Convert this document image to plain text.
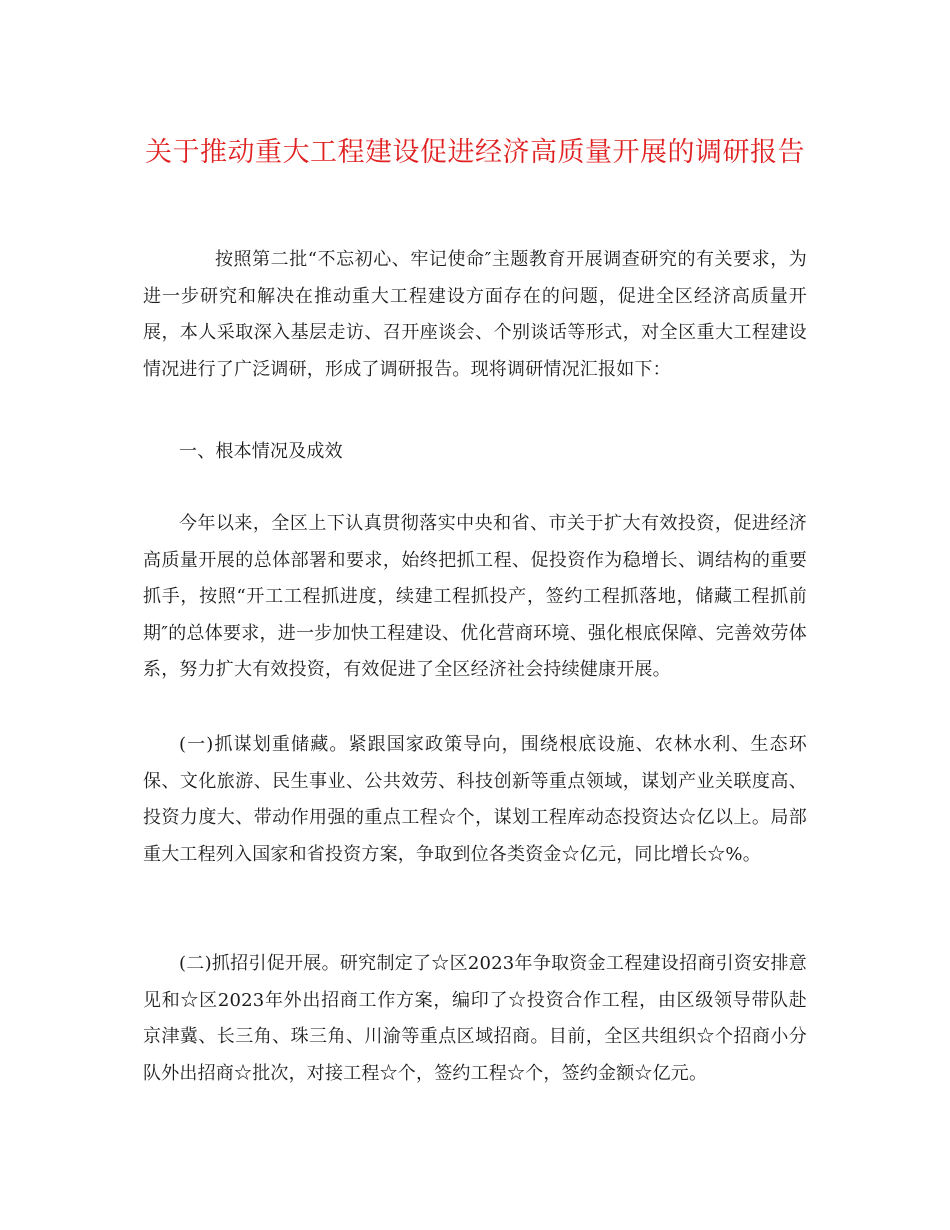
关于推动重大工程建设促进经济高质量开展的调研报告

按照第二批“不忘初心、牢记使命″主题教育开展调查研究的有关要求，为进一步研究和解决在推动重大工程建设方面存在的问题，促进全区经济高质量开展，本人采取深入基层走访、召开座谈会、个别谈话等形式，对全区重大工程建设情况进行了广泛调研，形成了调研报告。现将调研情况汇报如下：

一、根本情况及成效

今年以来，全区上下认真贯彻落实中央和省、市关于扩大有效投资，促进经济高质量开展的总体部署和要求，始终把抓工程、促投资作为稳增长、调结构的重要抓手，按照“开工工程抓进度，续建工程抓投产，签约工程抓落地，储藏工程抓前期″的总体要求，进一步加快工程建设、优化营商环境、强化根底保障、完善效劳体系，努力扩大有效投资，有效促进了全区经济社会持续健康开展。

(一)抓谋划重储藏。紧跟国家政策导向，围绕根底设施、农林水利、生态环保、文化旅游、民生事业、公共效劳、科技创新等重点领域，谋划产业关联度高、投资力度大、带动作用强的重点工程☆个，谋划工程库动态投资达☆亿以上。局部重大工程列入国家和省投资方案，争取到位各类资金☆亿元，同比增长☆%。

(二)抓招引促开展。研究制定了☆区2023年争取资金工程建设招商引资安排意见和☆区2023年外出招商工作方案，编印了☆投资合作工程，由区级领导带队赴京津冀、长三角、珠三角、川渝等重点区域招商。目前，全区共组织☆个招商小分队外出招商☆批次，对接工程☆个，签约工程☆个，签约金额☆亿元。
